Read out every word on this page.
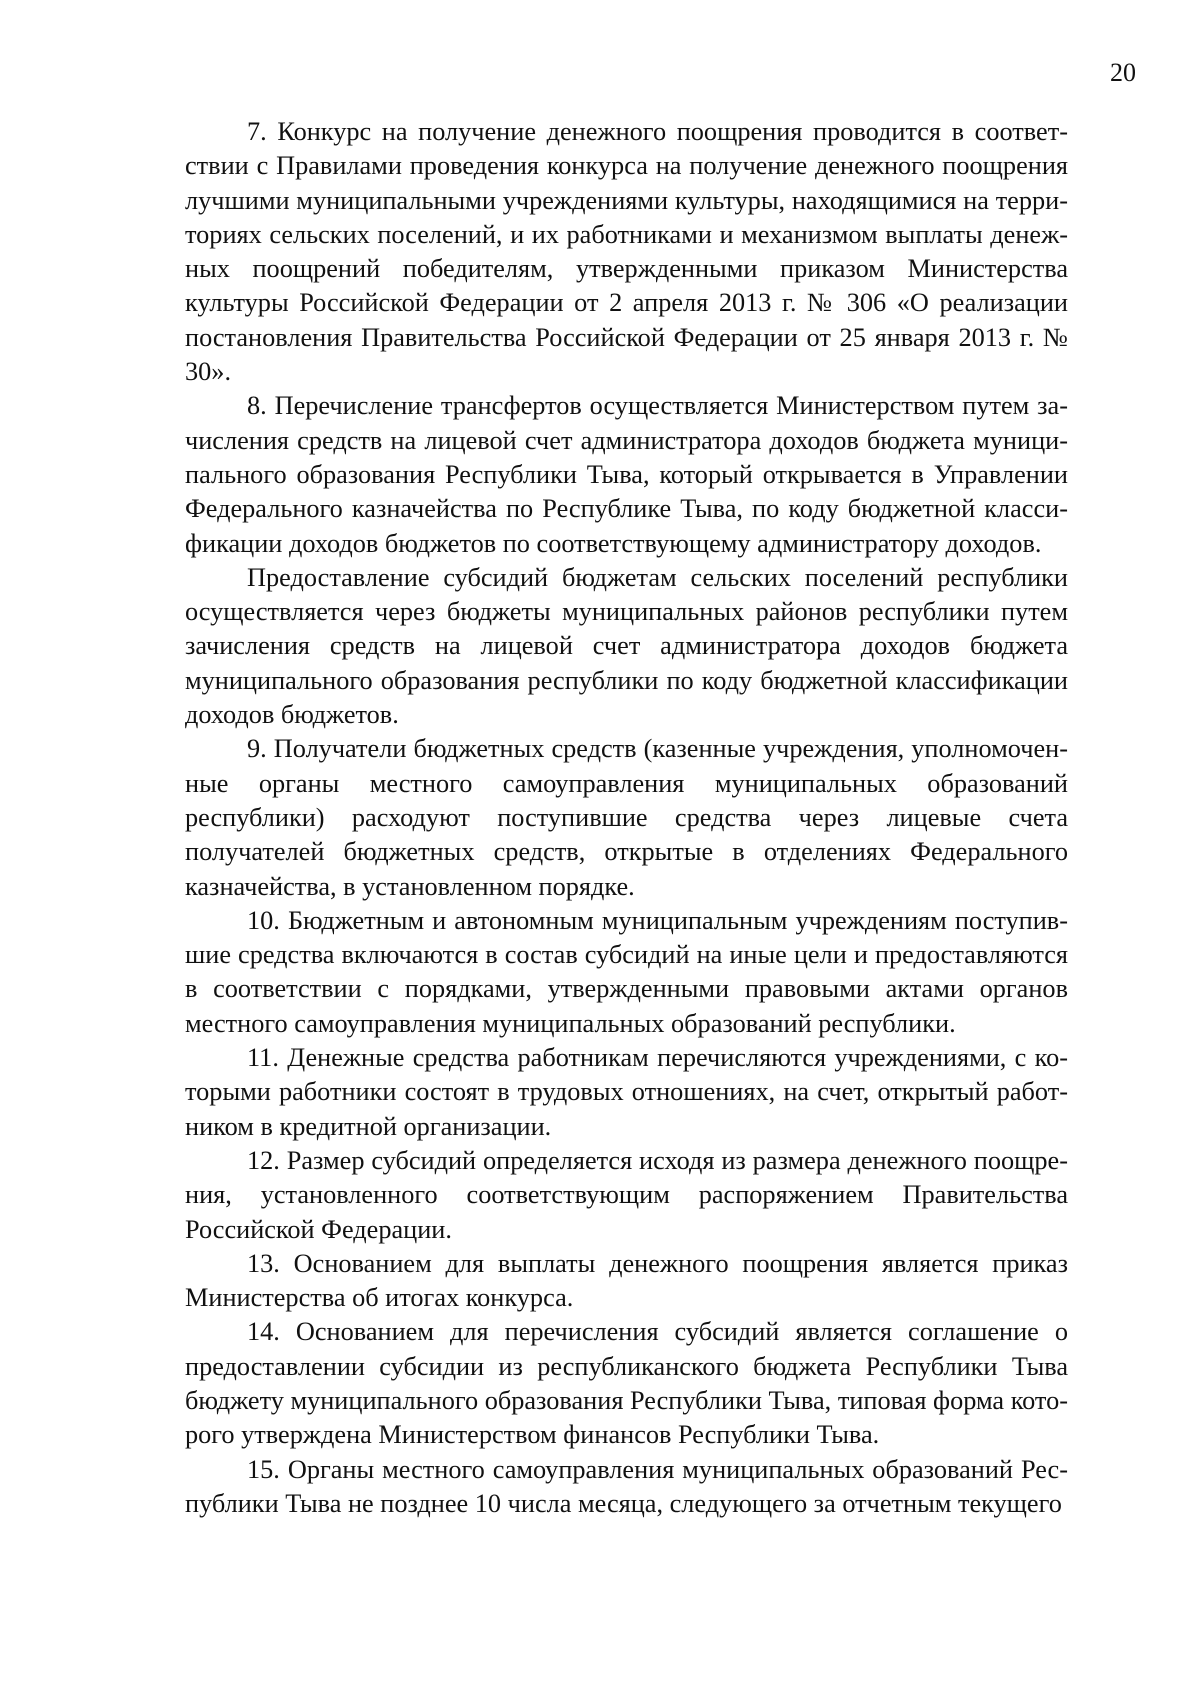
20

7. Конкурс на получение денежного поощрения проводится в соответствии с Правилами проведения конкурса на получение денежного поощрения лучшими муниципальными учреждениями культуры, находящимися на территориях сельских поселений, и их работниками и механизмом выплаты денежных поощрений победителям, утвержденными приказом Министерства культуры Российской Федерации от 2 апреля 2013 г. № 306 «О реализации постановления Правительства Российской Федерации от 25 января 2013 г. № 30».

8. Перечисление трансфертов осуществляется Министерством путем зачисления средств на лицевой счет администратора доходов бюджета муниципального образования Республики Тыва, который открывается в Управлении Федерального казначейства по Республике Тыва, по коду бюджетной классификации доходов бюджетов по соответствующему администратору доходов.

Предоставление субсидий бюджетам сельских поселений республики осуществляется через бюджеты муниципальных районов республики путем зачисления средств на лицевой счет администратора доходов бюджета муниципального образования республики по коду бюджетной классификации доходов бюджетов.

9. Получатели бюджетных средств (казенные учреждения, уполномоченные органы местного самоуправления муниципальных образований республики) расходуют поступившие средства через лицевые счета получателей бюджетных средств, открытые в отделениях Федерального казначейства, в установленном порядке.

10. Бюджетным и автономным муниципальным учреждениям поступившие средства включаются в состав субсидий на иные цели и предоставляются в соответствии с порядками, утвержденными правовыми актами органов местного самоуправления муниципальных образований республики.

11. Денежные средства работникам перечисляются учреждениями, с которыми работники состоят в трудовых отношениях, на счет, открытый работником в кредитной организации.

12. Размер субсидий определяется исходя из размера денежного поощрения, установленного соответствующим распоряжением Правительства Российской Федерации.

13. Основанием для выплаты денежного поощрения является приказ Министерства об итогах конкурса.

14. Основанием для перечисления субсидий является соглашение о предоставлении субсидии из республиканского бюджета Республики Тыва бюджету муниципального образования Республики Тыва, типовая форма которого утверждена Министерством финансов Республики Тыва.

15. Органы местного самоуправления муниципальных образований Республики Тыва не позднее 10 числа месяца, следующего за отчетным текущего
